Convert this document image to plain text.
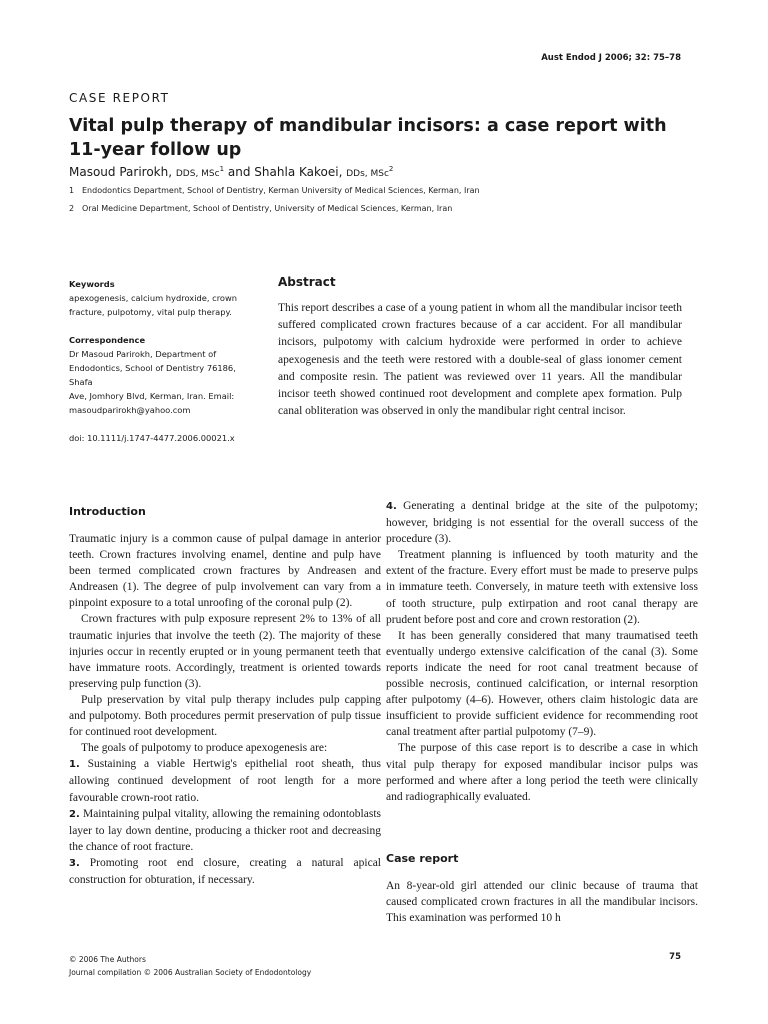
Aust Endod J 2006; 32: 75–78
CASE REPORT
Vital pulp therapy of mandibular incisors: a case report with
11-year follow up
Masoud Parirokh, DDS, MSc$^1$ and Shahla Kakoei, DDs, MSc$^2$
1 Endodontics Department, School of Dentistry, Kerman University of Medical Sciences, Kerman, Iran
2 Oral Medicine Department, School of Dentistry, University of Medical Sciences, Kerman, Iran

Keywords

apexogenesis, calcium hydroxide, crown

fracture, pulpotomy, vital pulp therapy.

Correspondence

Dr Masoud Parirokh, Department of

Endodontics, School of Dentistry 76186, Shafa

Ave, Jomhory Blvd, Kerman, Iran. Email:

masoudparirokh@yahoo.com

doi: 10.1111/j.1747-4477.2006.00021.x

Abstract
This report describes a case of a young patient in whom all the mandibular incisor teeth suffered complicated crown fractures because of a car accident. For all mandibular incisors, pulpotomy with calcium hydroxide were performed in order to achieve apexogenesis and the teeth were restored with a double-seal of glass ionomer cement and composite resin. The patient was reviewed over 11 years. All the mandibular incisor teeth showed continued root development and complete apex formation. Pulp canal obliteration was observed in only the mandibular right central incisor.
Introduction

Traumatic injury is a common cause of pulpal damage in anterior teeth. Crown fractures involving enamel, dentine and pulp have been termed complicated crown fractures by Andreasen and Andreasen (1). The degree of pulp involvement can vary from a pinpoint exposure to a total unroofing of the coronal pulp (2).

Crown fractures with pulp exposure represent 2% to 13% of all traumatic injuries that involve the teeth (2). The majority of these injuries occur in recently erupted or in young permanent teeth that have immature roots. Accordingly, treatment is oriented towards preserving pulp function (3).

Pulp preservation by vital pulp therapy includes pulp capping and pulpotomy. Both procedures permit preservation of pulp tissue for continued root development.

The goals of pulpotomy to produce apexogenesis are:

1. Sustaining a viable Hertwig's epithelial root sheath, thus allowing continued development of root length for a more favourable crown-root ratio.

2. Maintaining pulpal vitality, allowing the remaining odontoblasts layer to lay down dentine, producing a thicker root and decreasing the chance of root fracture.

3. Promoting root end closure, creating a natural apical construction for obturation, if necessary.

4. Generating a dentinal bridge at the site of the pulpotomy; however, bridging is not essential for the overall success of the procedure (3).

Treatment planning is influenced by tooth maturity and the extent of the fracture. Every effort must be made to preserve pulps in immature teeth. Conversely, in mature teeth with extensive loss of tooth structure, pulp extirpation and root canal therapy are prudent before post and core and crown restoration (2).

It has been generally considered that many traumatised teeth eventually undergo extensive calcification of the canal (3). Some reports indicate the need for root canal treatment because of possible necrosis, continued calcification, or internal resorption after pulpotomy (4–6). However, others claim histologic data are insufficient to provide sufficient evidence for recommending root canal treatment after partial pulpotomy (7–9).

The purpose of this case report is to describe a case in which vital pulp therapy for exposed mandibular incisor pulps was performed and where after a long period the teeth were clinically and radiographically evaluated.

Case report

An 8-year-old girl attended our clinic because of trauma that caused complicated crown fractures in all the mandibular incisors. This examination was performed 10 h

© 2006 The Authors
Journal compilation © 2006 Australian Society of Endodontology
75
